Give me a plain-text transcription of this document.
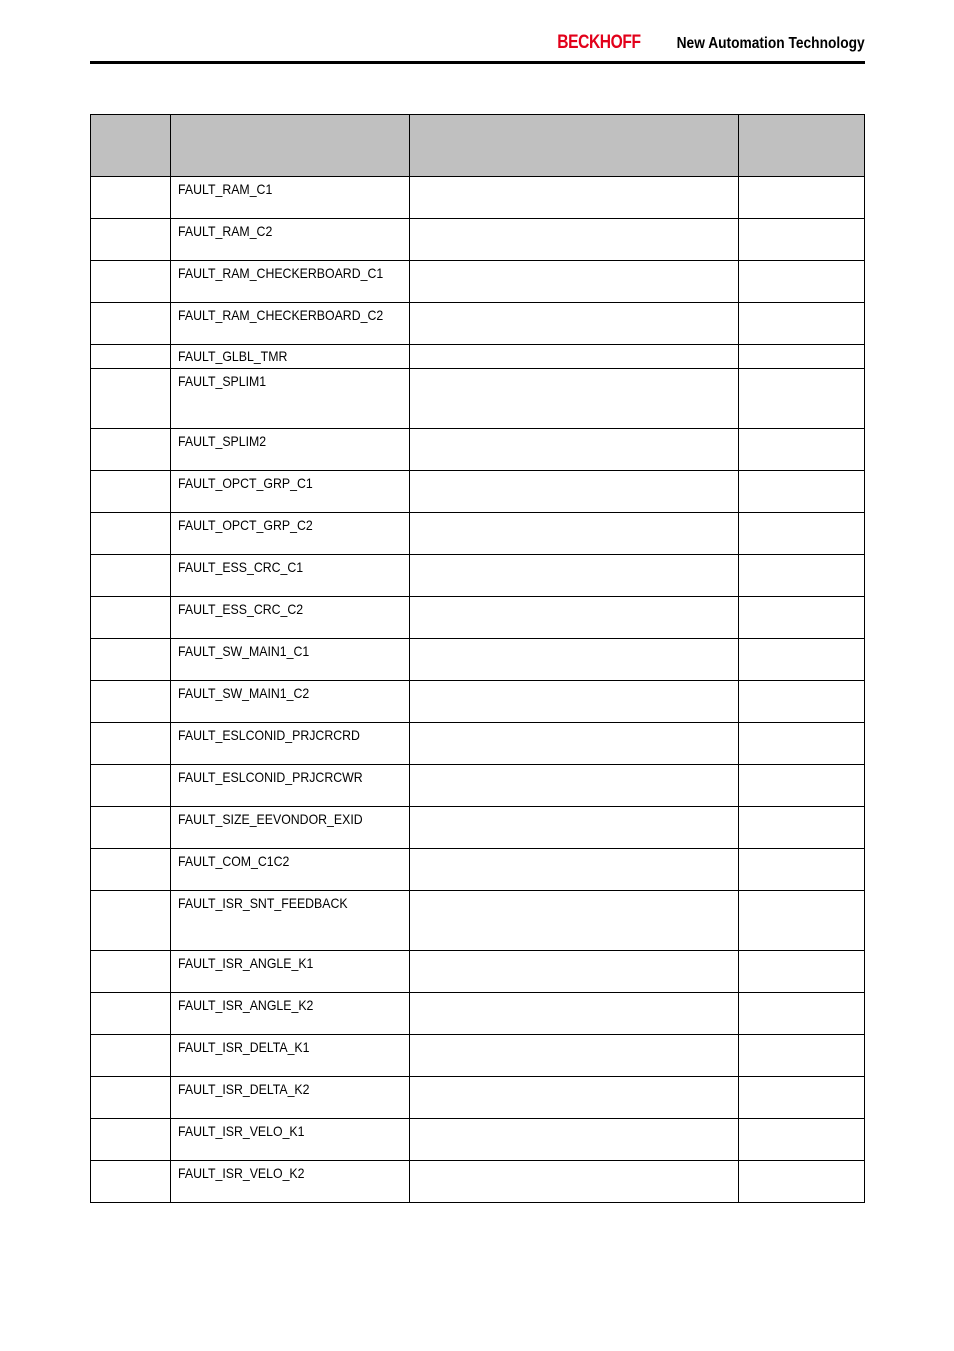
BECKHOFF New Automation Technology

	FAULT_RAM_C1		

	FAULT_RAM_C2		

	FAULT_RAM_CHECKERBOARD_C1		

	FAULT_RAM_CHECKERBOARD_C2		

	FAULT_GLBL_TMR		

	FAULT_SPLIM1		

	FAULT_SPLIM2		

	FAULT_OPCT_GRP_C1		

	FAULT_OPCT_GRP_C2		

	FAULT_ESS_CRC_C1		

	FAULT_ESS_CRC_C2		

	FAULT_SW_MAIN1_C1		

	FAULT_SW_MAIN1_C2		

	FAULT_ESLCONID_PRJCRCRD		

	FAULT_ESLCONID_PRJCRCWR		

	FAULT_SIZE_EEVONDOR_EXID		

	FAULT_COM_C1C2		

	FAULT_ISR_SNT_FEEDBACK		

	FAULT_ISR_ANGLE_K1		

	FAULT_ISR_ANGLE_K2		

	FAULT_ISR_DELTA_K1		

	FAULT_ISR_DELTA_K2		

	FAULT_ISR_VELO_K1		

	FAULT_ISR_VELO_K2		
